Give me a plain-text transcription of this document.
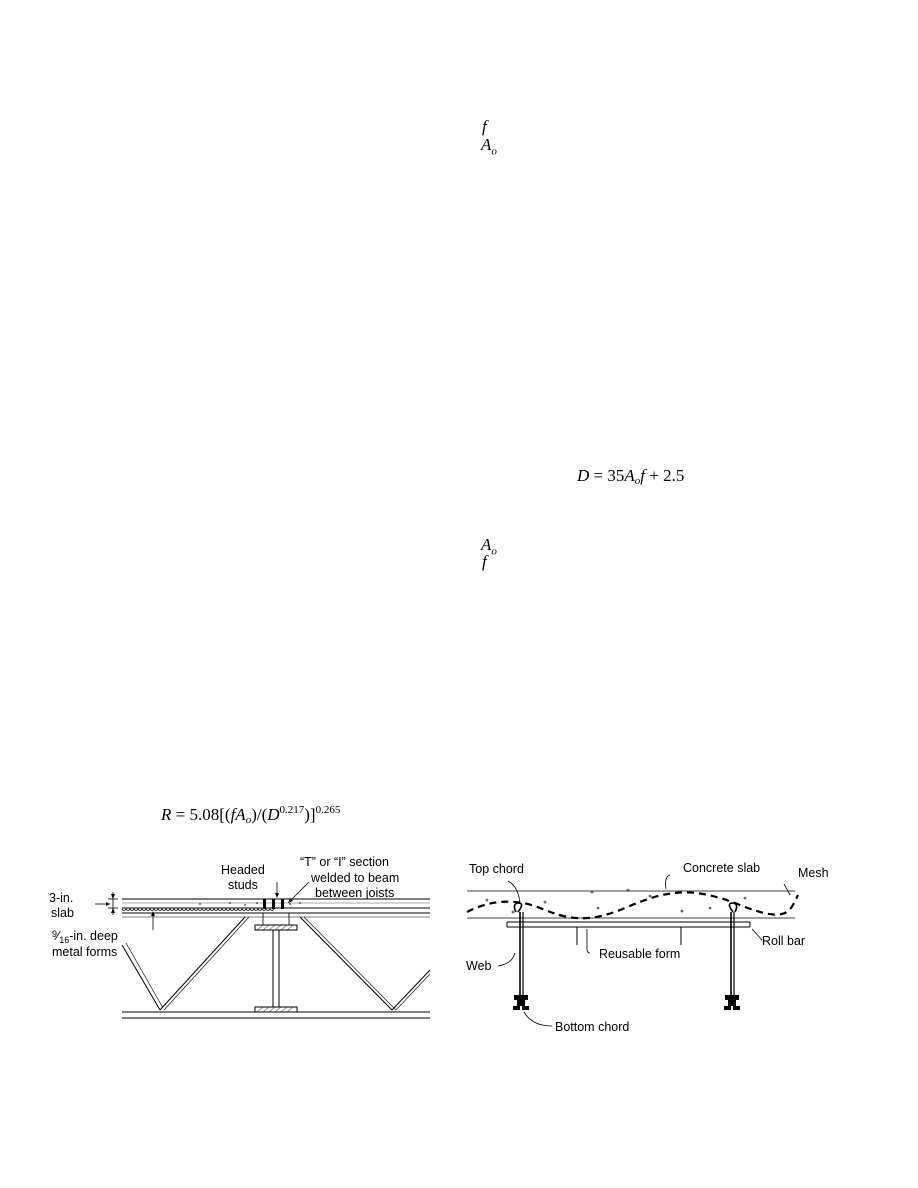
f
$A_o$
$D = 35A_of + 2.5$
$A_o$
f
$R = 5.08[(fA_o)/(D^{0.217})]^{0.265}$
3-in.
slab
$^9⁄_{16}-in$. deep
metal forms
Headed
studs
“T” or “I” section
welded to beam
between joists
Top chord	Concrete slab	Mesh
Roll bar
Reusable form
Web
Bottom chord
